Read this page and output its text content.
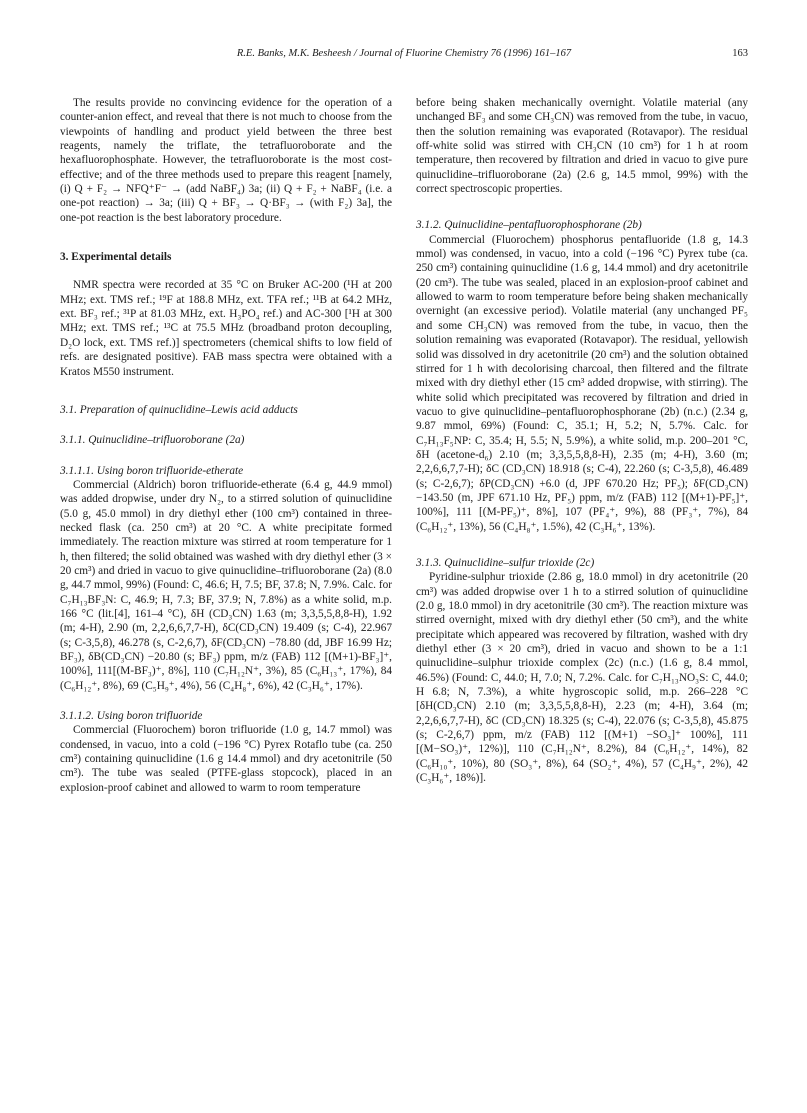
R.E. Banks, M.K. Besheesh / Journal of Fluorine Chemistry 76 (1996) 161–167	163

The results provide no convincing evidence for the operation of a counter-anion effect, and reveal that there is not much to choose from the viewpoints of handling and product yield between the three best reagents, namely the triflate, the tetrafluoroborate and the hexafluorophosphate. However, the tetrafluoroborate is the most cost-effective; and of the three methods used to prepare this reagent [namely, (i) Q + F₂ → NFQ⁺F⁻ → (add NaBF₄) 3a; (ii) Q + F₂ + NaBF₄ (i.e. a one-pot reaction) → 3a; (iii) Q + BF₃ → Q·BF₃ → (with F₂) 3a], the one-pot reaction is the best laboratory procedure.

3. Experimental details

NMR spectra were recorded at 35 °C on Bruker AC-200 (¹H at 200 MHz; ext. TMS ref.; ¹⁹F at 188.8 MHz, ext. TFA ref.; ¹¹B at 64.2 MHz, ext. BF₃ ref.; ³¹P at 81.03 MHz, ext. H₃PO₄ ref.) and AC-300 [¹H at 300 MHz; ext. TMS ref.; ¹³C at 75.5 MHz (broadband proton decoupling, D₂O lock, ext. TMS ref.)] spectrometers (chemical shifts to low field of refs. are designated positive). FAB mass spectra were obtained with a Kratos M550 instrument.

3.1. Preparation of quinuclidine–Lewis acid adducts
3.1.1. Quinuclidine–trifluoroborane (2a)
3.1.1.1. Using boron trifluoride-etherate

Commercial (Aldrich) boron trifluoride-etherate (6.4 g, 44.9 mmol) was added dropwise, under dry N₂, to a stirred solution of quinuclidine (5.0 g, 45.0 mmol) in dry diethyl ether (100 cm³) contained in three-necked flask (ca. 250 cm³) at 20 °C. A white precipitate formed immediately. The reaction mixture was stirred at room temperature for 1 h, then filtered; the solid obtained was washed with dry diethyl ether (3 × 20 cm³) and dried in vacuo to give quinuclidine–trifluoroborane (2a) (8.0 g, 44.7 mmol, 99%) (Found: C, 46.6; H, 7.5; BF, 37.8; N, 7.9%. Calc. for C₇H₁₃BF₃N: C, 46.9; H, 7.3; BF, 37.9; N, 7.8%) as a white solid, m.p. 166 °C (lit.[4], 161–4 °C), δH (CD₃CN) 1.63 (m; 3,3,5,5,8,8-H), 1.92 (m; 4-H), 2.90 (m, 2,2,6,6,7,7-H), δC(CD₃CN) 19.409 (s; C-4), 22.967 (s; C-3,5,8), 46.278 (s, C-2,6,7), δF(CD₃CN) −78.80 (dd, JBF 16.99 Hz; BF₃), δB(CD₃CN) −20.80 (s; BF₃) ppm, m/z (FAB) 112 [(M+1)-BF₃]⁺, 100%], 111[(M-BF₃)⁺, 8%], 110 (C₇H₁₂N⁺, 3%), 85 (C₆H₁₃⁺, 17%), 84 (C₆H₁₂⁺, 8%), 69 (C₅H₉⁺, 4%), 56 (C₄H₈⁺, 6%), 42 (C₃H₆⁺, 17%).

3.1.1.2. Using boron trifluoride

Commercial (Fluorochem) boron trifluoride (1.0 g, 14.7 mmol) was condensed, in vacuo, into a cold (−196 °C) Pyrex Rotaflo tube (ca. 250 cm³) containing quinuclidine (1.6 g 14.4 mmol) and dry acetonitrile (50 cm³). The tube was sealed (PTFE-glass stopcock), placed in an explosion-proof cabinet and allowed to warm to room temperature

before being shaken mechanically overnight. Volatile material (any unchanged BF₃ and some CH₃CN) was removed from the tube, in vacuo, then the solution remaining was evaporated (Rotavapor). The residual off-white solid was stirred with CH₃CN (10 cm³) for 1 h at room temperature, then recovered by filtration and dried in vacuo to give pure quinuclidine–trifluoroborane (2a) (2.6 g, 14.5 mmol, 99%) with the correct spectroscopic properties.

3.1.2. Quinuclidine–pentafluorophosphorane (2b)

Commercial (Fluorochem) phosphorus pentafluoride (1.8 g, 14.3 mmol) was condensed, in vacuo, into a cold (−196 °C) Pyrex tube (ca. 250 cm³) containing quinuclidine (1.6 g, 14.4 mmol) and dry acetonitrile (20 cm³). The tube was sealed, placed in an explosion-proof cabinet and allowed to warm to room temperature before being shaken mechanically overnight (an excessive period). Volatile material (any unchanged PF₅ and some CH₃CN) was removed from the tube, in vacuo, then the solution remaining was evaporated (Rotavapor). The residual, yellowish solid was dissolved in dry acetonitrile (20 cm³) and the solution obtained stirred for 1 h with decolorising charcoal, then filtered and the filtrate mixed with dry diethyl ether (15 cm³ added dropwise, with stirring). The white solid which precipitated was recovered by filtration and dried in vacuo to give quinuclidine–pentafluorophosphorane (2b) (n.c.) (2.34 g, 9.87 mmol, 69%) (Found: C, 35.1; H, 5.2; N, 5.7%. Calc. for C₇H₁₃F₅NP: C, 35.4; H, 5.5; N, 5.9%), a white solid, m.p. 200–201 °C, δH (acetone-d₆) 2.10 (m; 3,3,5,5,8,8-H), 2.35 (m; 4-H), 3.60 (m; 2,2,6,6,7,7-H); δC (CD₃CN) 18.918 (s; C-4), 22.260 (s; C-3,5,8), 46.489 (s; C-2,6,7); δP(CD₃CN) +6.0 (d, JPF 670.20 Hz; PF₅); δF(CD₃CN) −143.50 (m, JPF 671.10 Hz, PF₅) ppm, m/z (FAB) 112 [(M+1)-PF₅]⁺, 100%], 111 [(M-PF₅)⁺, 8%], 107 (PF₄⁺, 9%), 88 (PF₃⁺, 7%), 84 (C₆H₁₂⁺, 13%), 56 (C₄H₈⁺, 1.5%), 42 (C₃H₆⁺, 13%).

3.1.3. Quinuclidine–sulfur trioxide (2c)

Pyridine-sulphur trioxide (2.86 g, 18.0 mmol) in dry acetonitrile (20 cm³) was added dropwise over 1 h to a stirred solution of quinuclidine (2.0 g, 18.0 mmol) in dry acetonitrile (30 cm³). The reaction mixture was stirred overnight, mixed with dry diethyl ether (50 cm³), and the white precipitate which appeared was recovered by filtration, washed with dry diethyl ether (3 × 20 cm³), dried in vacuo and shown to be a 1:1 quinuclidine–sulphur trioxide complex (2c) (n.c.) (1.6 g, 8.4 mmol, 46.5%) (Found: C, 44.0; H, 7.0; N, 7.2%. Calc. for C₇H₁₃NO₃S: C, 44.0; H 6.8; N, 7.3%), a white hygroscopic solid, m.p. 266–228 °C [δH(CD₃CN) 2.10 (m; 3,3,5,5,8,8-H), 2.23 (m; 4-H), 3.64 (m; 2,2,6,6,7,7-H), δC (CD₃CN) 18.325 (s; C-4), 22.076 (s; C-3,5,8), 45.875 (s; C-2,6,7) ppm, m/z (FAB) 112 [(M+1) −SO₃]⁺ 100%], 111 [(M−SO₃)⁺, 12%)], 110 (C₇H₁₂N⁺, 8.2%), 84 (C₆H₁₂⁺, 14%), 82 (C₆H₁₀⁺, 10%), 80 (SO₃⁺, 8%), 64 (SO₂⁺, 4%), 57 (C₄H₉⁺, 2%), 42 (C₃H₆⁺, 18%)].
